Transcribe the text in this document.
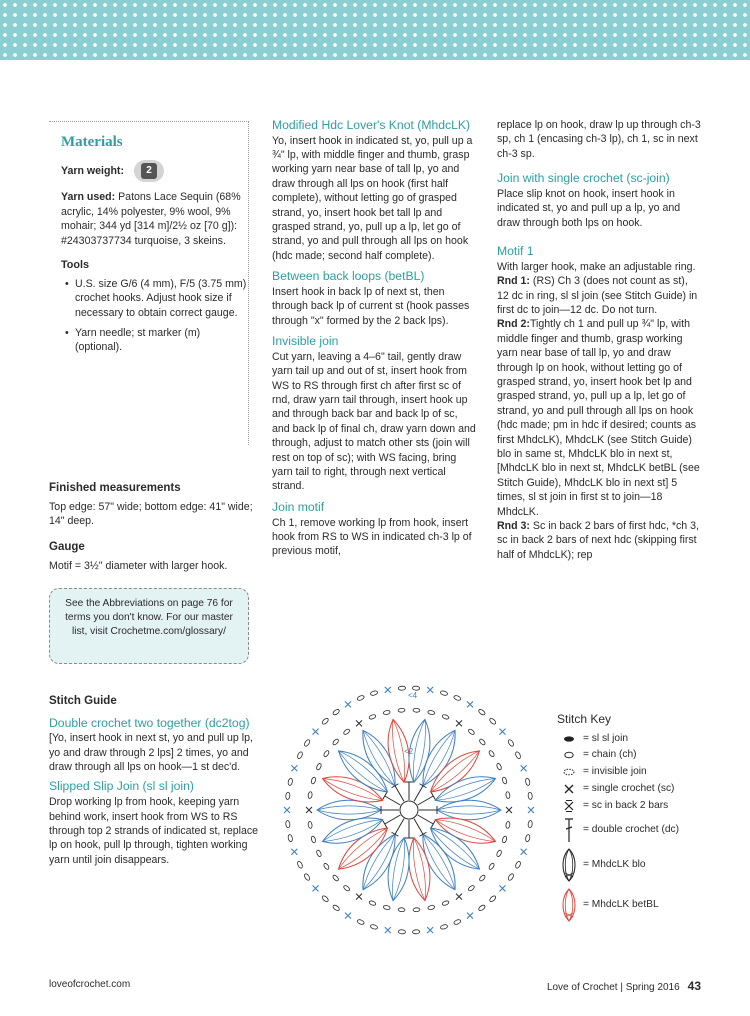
Materials
Yarn weight:	2

Yarn used: Patons Lace Sequin (68% acrylic, 14% polyester, 9% wool, 9% mohair; 344 yd [314 m]/2½ oz [70 g]): #24303737734 turquoise, 3 skeins.

Tools
• U.S. size G/6 (4 mm), F/5 (3.75 mm) crochet hooks. Adjust hook size if necessary to obtain correct gauge.
• Yarn needle; st marker (m) (optional).
Finished measurements

Top edge: 57" wide; bottom edge: 41" wide; 14" deep.

Gauge

Motif = 3½" diameter with larger hook.

See the Abbreviations on page 76 for terms you don't know. For our master list, visit Crochetme.com/glossary/
Stitch Guide
Double crochet two together (dc2tog)

[Yo, insert hook in next st, yo and pull up lp, yo and draw through 2 lps] 2 times, yo and draw through all lps on hook—1 st dec'd.

Slipped Slip Join (sl sl join)

Drop working lp from hook, keeping yarn behind work, insert hook from WS to RS through top 2 strands of indicated st, replace lp on hook, pull lp through, tighten working yarn until join disappears.

Modified Hdc Lover's Knot (MhdcLK)

Yo, insert hook in indicated st, yo, pull up a ¾" lp, with middle finger and thumb, grasp working yarn near base of tall lp, yo and draw through all lps on hook (first half complete), without letting go of grasped strand, yo, insert hook bet tall lp and grasped strand, yo, pull up a lp, let go of strand, yo and pull through all lps on hook (hdc made; second half complete).

Between back loops (betBL)

Insert hook in back lp of next st, then through back lp of current st (hook passes through "x" formed by the 2 back lps).

Invisible join

Cut yarn, leaving a 4–6" tail, gently draw yarn tail up and out of st, insert hook from WS to RS through first ch after first sc of rnd, draw yarn tail through, insert hook up and through back bar and back lp of sc, and back lp of final ch, draw yarn down and through, adjust to match other sts (join will rest on top of sc); with WS facing, bring yarn tail to right, through next vertical strand.

Join motif

Ch 1, remove working lp from hook, insert hook from RS to WS in indicated ch-3 lp of previous motif,

replace lp on hook, draw lp up through ch-3 sp, ch 1 (encasing ch-3 lp), ch 1, sc in next ch-3 sp.

Join with single crochet (sc-join)

Place slip knot on hook, insert hook in indicated st, yo and pull up a lp, yo and draw through both lps on hook.

Motif 1

With larger hook, make an adjustable ring.

Rnd 1: (RS) Ch 3 (does not count as st), 12 dc in ring, sl sl join (see Stitch Guide) in first dc to join—12 dc. Do not turn.

Rnd 2:Tightly ch 1 and pull up ¾" lp, with middle finger and thumb, grasp working yarn near base of tall lp, yo and draw through lp on hook, without letting go of grasped strand, yo, insert hook bet lp and grasped strand, yo, pull up a lp, let go of strand, yo and pull through all lps on hook (hdc made; pm in hdc if desired; counts as first MhdcLK), MhdcLK (see Stitch Guide) blo in same st, MhdcLK blo in next st, [MhdcLK blo in next st, MhdcLK betBL (see Stitch Guide), MhdcLK blo in next st] 5 times, sl st join in first st to join—18 MhdcLK.

Rnd 3: Sc in back 2 bars of first hdc, *ch 3, sc in back 2 bars of next hdc (skipping first half of MhdcLK); rep

<4
<2
Stitch Key
= sl sl join
= chain (ch)
= invisible join
= single crochet (sc)
= sc in back 2 bars
= double crochet (dc)
= MhdcLK blo
= MhdcLK betBL
loveofcrochet.com	Love of Crochet | Spring 2016 43
